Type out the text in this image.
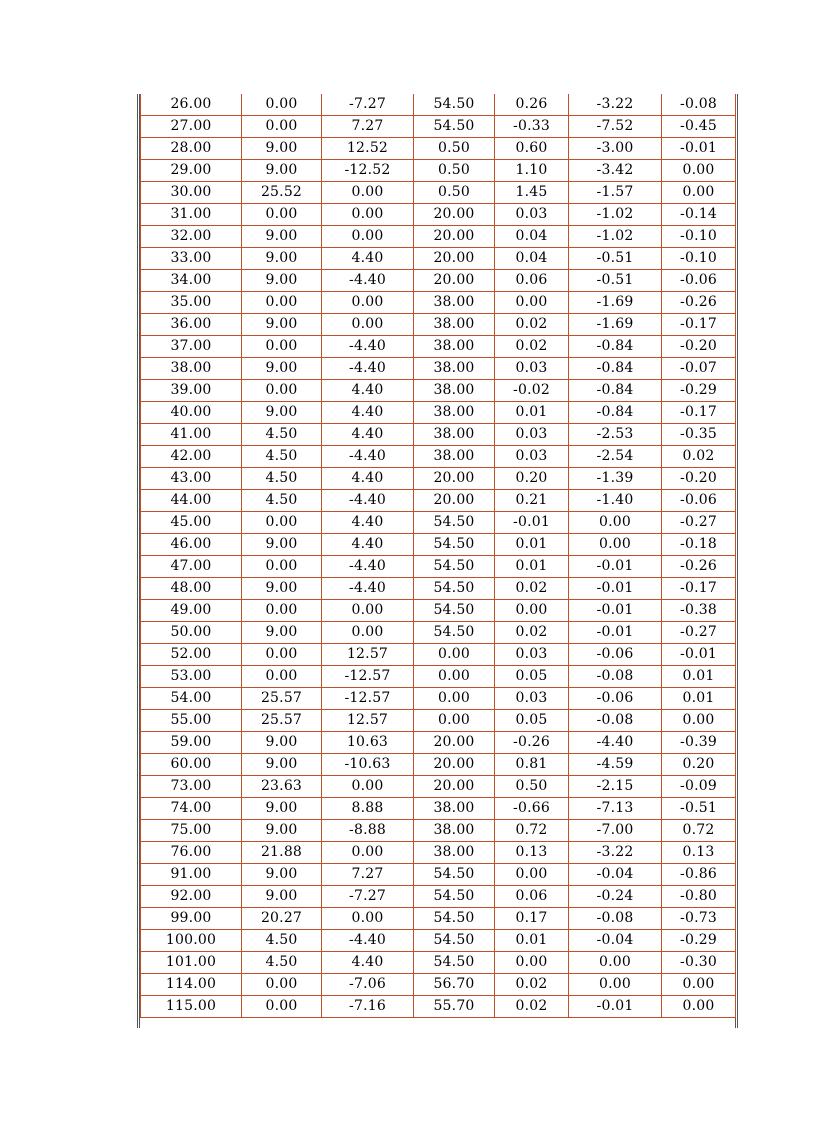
26.00	0.00	-7.27	54.50	0.26	-3.22	-0.08
27.00	0.00	7.27	54.50	-0.33	-7.52	-0.45
28.00	9.00	12.52	0.50	0.60	-3.00	-0.01
29.00	9.00	-12.52	0.50	1.10	-3.42	0.00
30.00	25.52	0.00	0.50	1.45	-1.57	0.00
31.00	0.00	0.00	20.00	0.03	-1.02	-0.14
32.00	9.00	0.00	20.00	0.04	-1.02	-0.10
33.00	9.00	4.40	20.00	0.04	-0.51	-0.10
34.00	9.00	-4.40	20.00	0.06	-0.51	-0.06
35.00	0.00	0.00	38.00	0.00	-1.69	-0.26
36.00	9.00	0.00	38.00	0.02	-1.69	-0.17
37.00	0.00	-4.40	38.00	0.02	-0.84	-0.20
38.00	9.00	-4.40	38.00	0.03	-0.84	-0.07
39.00	0.00	4.40	38.00	-0.02	-0.84	-0.29
40.00	9.00	4.40	38.00	0.01	-0.84	-0.17
41.00	4.50	4.40	38.00	0.03	-2.53	-0.35
42.00	4.50	-4.40	38.00	0.03	-2.54	0.02
43.00	4.50	4.40	20.00	0.20	-1.39	-0.20
44.00	4.50	-4.40	20.00	0.21	-1.40	-0.06
45.00	0.00	4.40	54.50	-0.01	0.00	-0.27
46.00	9.00	4.40	54.50	0.01	0.00	-0.18
47.00	0.00	-4.40	54.50	0.01	-0.01	-0.26
48.00	9.00	-4.40	54.50	0.02	-0.01	-0.17
49.00	0.00	0.00	54.50	0.00	-0.01	-0.38
50.00	9.00	0.00	54.50	0.02	-0.01	-0.27
52.00	0.00	12.57	0.00	0.03	-0.06	-0.01
53.00	0.00	-12.57	0.00	0.05	-0.08	0.01
54.00	25.57	-12.57	0.00	0.03	-0.06	0.01
55.00	25.57	12.57	0.00	0.05	-0.08	0.00
59.00	9.00	10.63	20.00	-0.26	-4.40	-0.39
60.00	9.00	-10.63	20.00	0.81	-4.59	0.20
73.00	23.63	0.00	20.00	0.50	-2.15	-0.09
74.00	9.00	8.88	38.00	-0.66	-7.13	-0.51
75.00	9.00	-8.88	38.00	0.72	-7.00	0.72
76.00	21.88	0.00	38.00	0.13	-3.22	0.13
91.00	9.00	7.27	54.50	0.00	-0.04	-0.86
92.00	9.00	-7.27	54.50	0.06	-0.24	-0.80
99.00	20.27	0.00	54.50	0.17	-0.08	-0.73
100.00	4.50	-4.40	54.50	0.01	-0.04	-0.29
101.00	4.50	4.40	54.50	0.00	0.00	-0.30
114.00	0.00	-7.06	56.70	0.02	0.00	0.00
115.00	0.00	-7.16	55.70	0.02	-0.01	0.00
